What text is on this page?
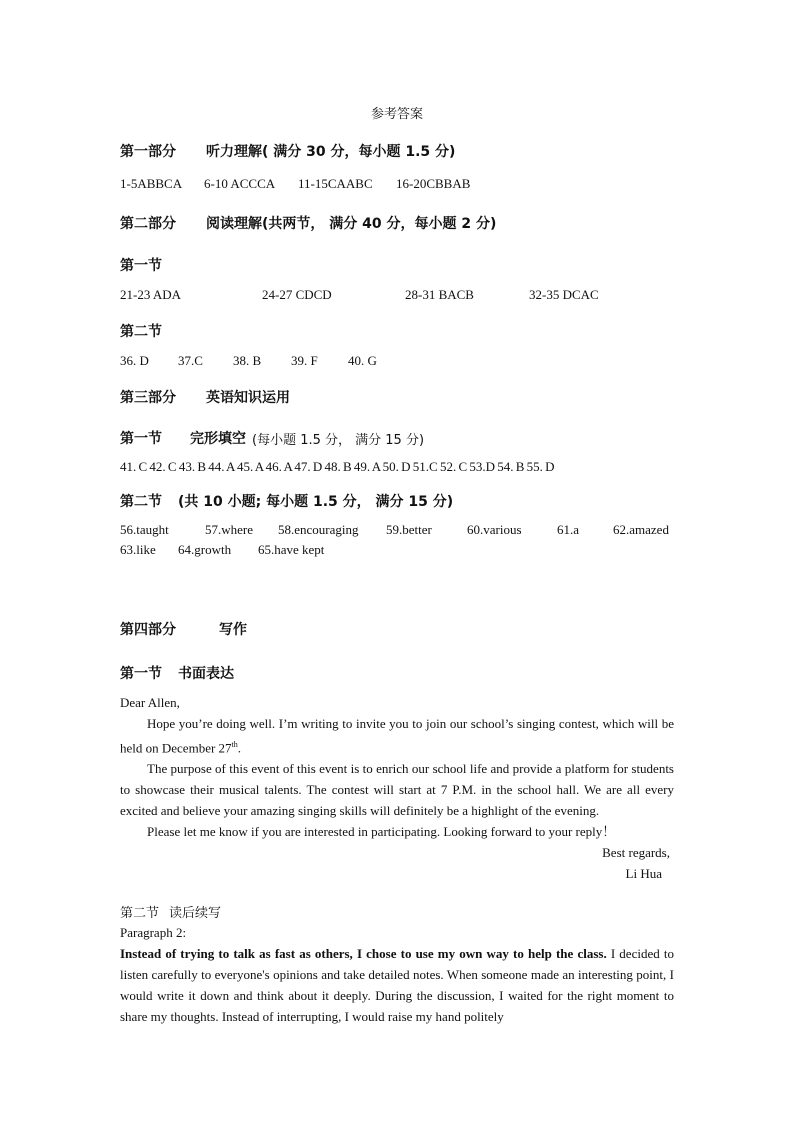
参考答案
第一部分 听力理解( 满分 30 分，每小题 1.5 分)
1-5ABBCA 6-10 ACCCA 11-15CAABC 16-20CBBAB
第二部分 阅读理解(共两节， 满分 40 分，每小题 2 分)
第一节
21-23 ADA	24-27 CDCD	28-31 BACB	32-35 DCAC
第二节
36. D 37.C 38. B 39. F 40. G
第三部分 英语知识运用
第一节 完形填空 (每小题 1.5 分， 满分 15 分)
41. C 42. C 43. B 44. A 45. A 46. A 47. D 48. B 49. A 50. D 51.C 52. C 53.D 54. B 55. D
第二节 (共 10 小题; 每小题 1.5 分， 满分 15 分)
56.taught	57.where 58.encouraging 59.better	60.various	61.a	62.amazed
63.like 64.growth 65.have kept
第四部分	写作
第一节 书面表达

Dear Allen,

Hope you’re doing well. I’m writing to invite you to join our school’s singing contest, which will be held on December 27th.

The purpose of this event of this event is to enrich our school life and provide a platform for students to showcase their musical talents. The contest will start at 7 P.M. in the school hall. We are all every excited and believe your amazing singing skills will definitely be a highlight of the evening.

Please let me know if you are interested in participating. Looking forward to your reply！

Best regards,

Li Hua

第二节 读后续写

Paragraph 2:

Instead of trying to talk as fast as others, I chose to use my own way to help the class. I decided to listen carefully to everyone's opinions and take detailed notes. When someone made an interesting point, I would write it down and think about it deeply. During the discussion, I waited for the right moment to share my thoughts. Instead of interrupting, I would raise my hand politely
